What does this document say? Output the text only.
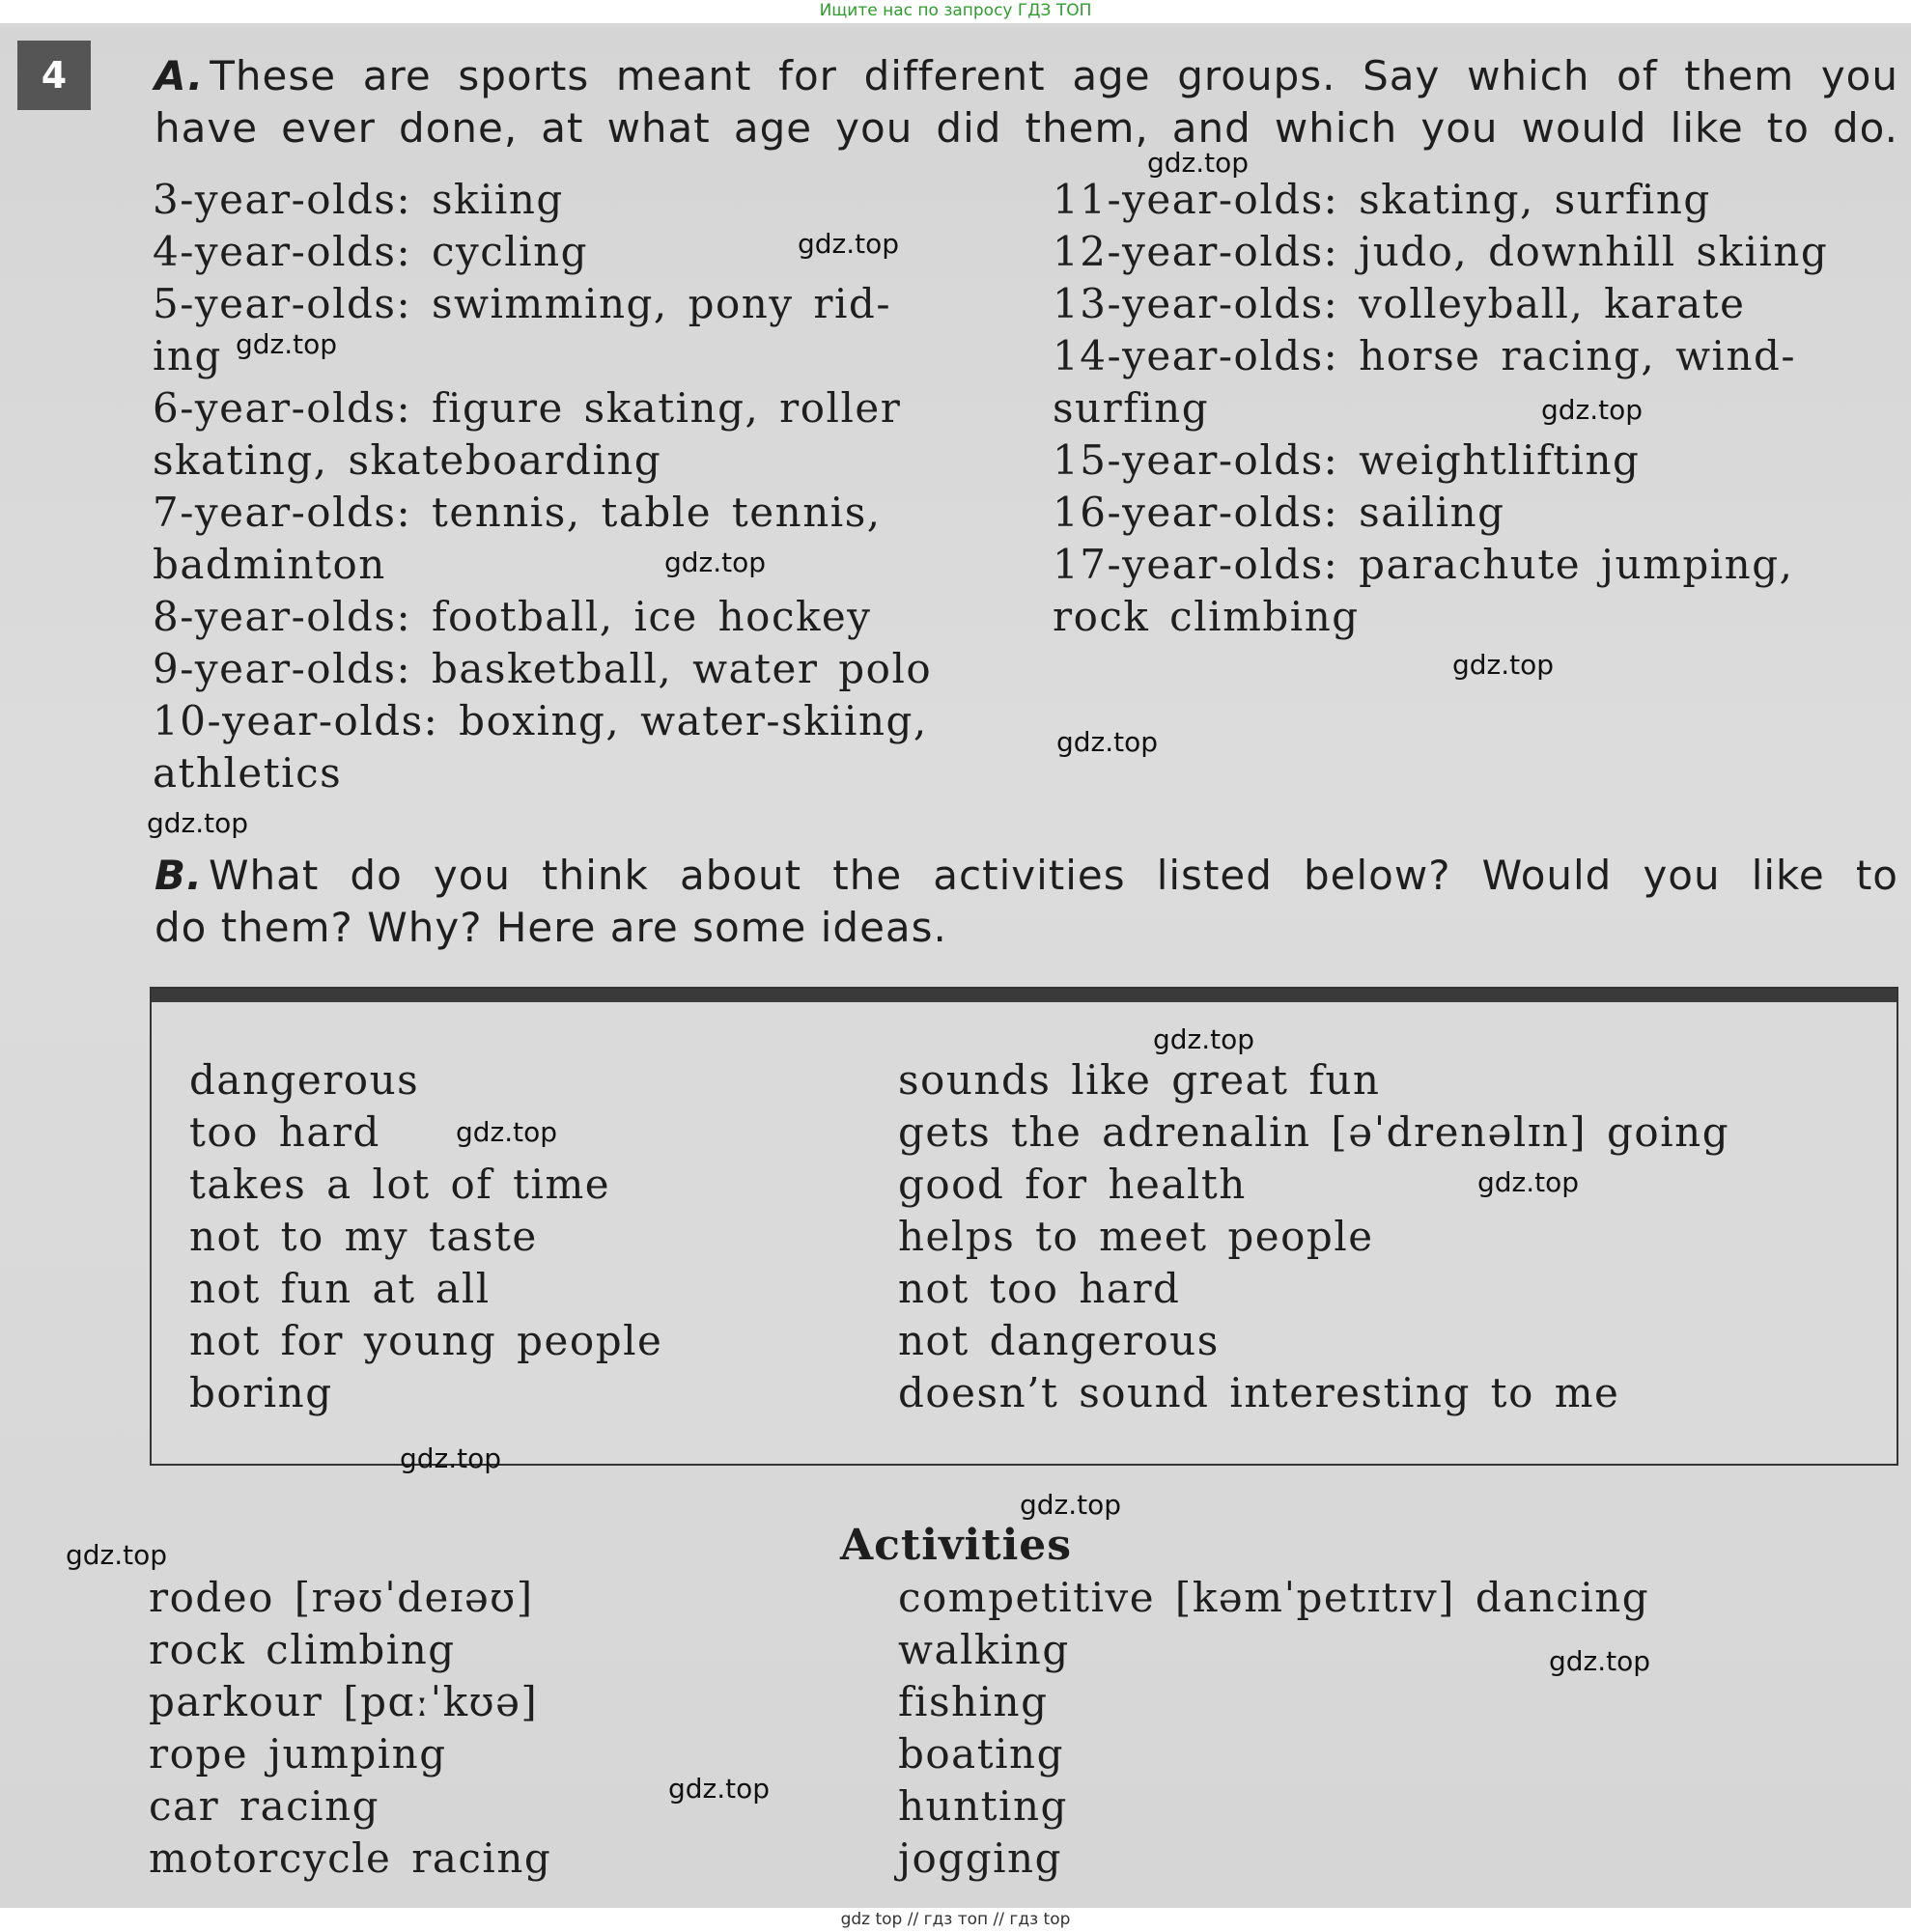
Ищите нас по запросу ГДЗ ТОП
4	A. These are sports meant for different age groups. Say which of them you
have ever done, at what age you did them, and which you would like to do.
3-year-olds: skiing
4-year-olds: cycling
5-year-olds: swimming, pony rid-
ing
6-year-olds: figure skating, roller
skating, skateboarding
7-year-olds: tennis, table tennis,
badminton
8-year-olds: football, ice hockey
9-year-olds: basketball, water polo
10-year-olds: boxing, water-skiing,
athletics
11-year-olds: skating, surfing
12-year-olds: judo, downhill skiing
13-year-olds: volleyball, karate
14-year-olds: horse racing, wind-
surfing
15-year-olds: weightlifting
16-year-olds: sailing
17-year-olds: parachute jumping,
rock climbing
B. What do you think about the activities listed below? Would you like to
do them? Why? Here are some ideas.
dangerous
too hard
takes a lot of time
not to my taste
not fun at all
not for young people
boring
sounds like great fun
gets the adrenalin [əˈdrenəlɪn] going
good for health
helps to meet people
not too hard
not dangerous
doesn’t sound interesting to me
Activities
rodeo [rəʊˈdeɪəʊ]
rock climbing
parkour [pɑːˈkʊə]
rope jumping
car racing
motorcycle racing
competitive [kəmˈpetɪtɪv] dancing
walking
fishing
boating
hunting
jogging
gdz.top
gdz.top
gdz.top
gdz.top
gdz.top
gdz.top
gdz.top
gdz.top
gdz.top
gdz.top
gdz.top
gdz.top
gdz.top
gdz.top
gdz.top
gdz.top
gdz top // гдз топ // гдз top
